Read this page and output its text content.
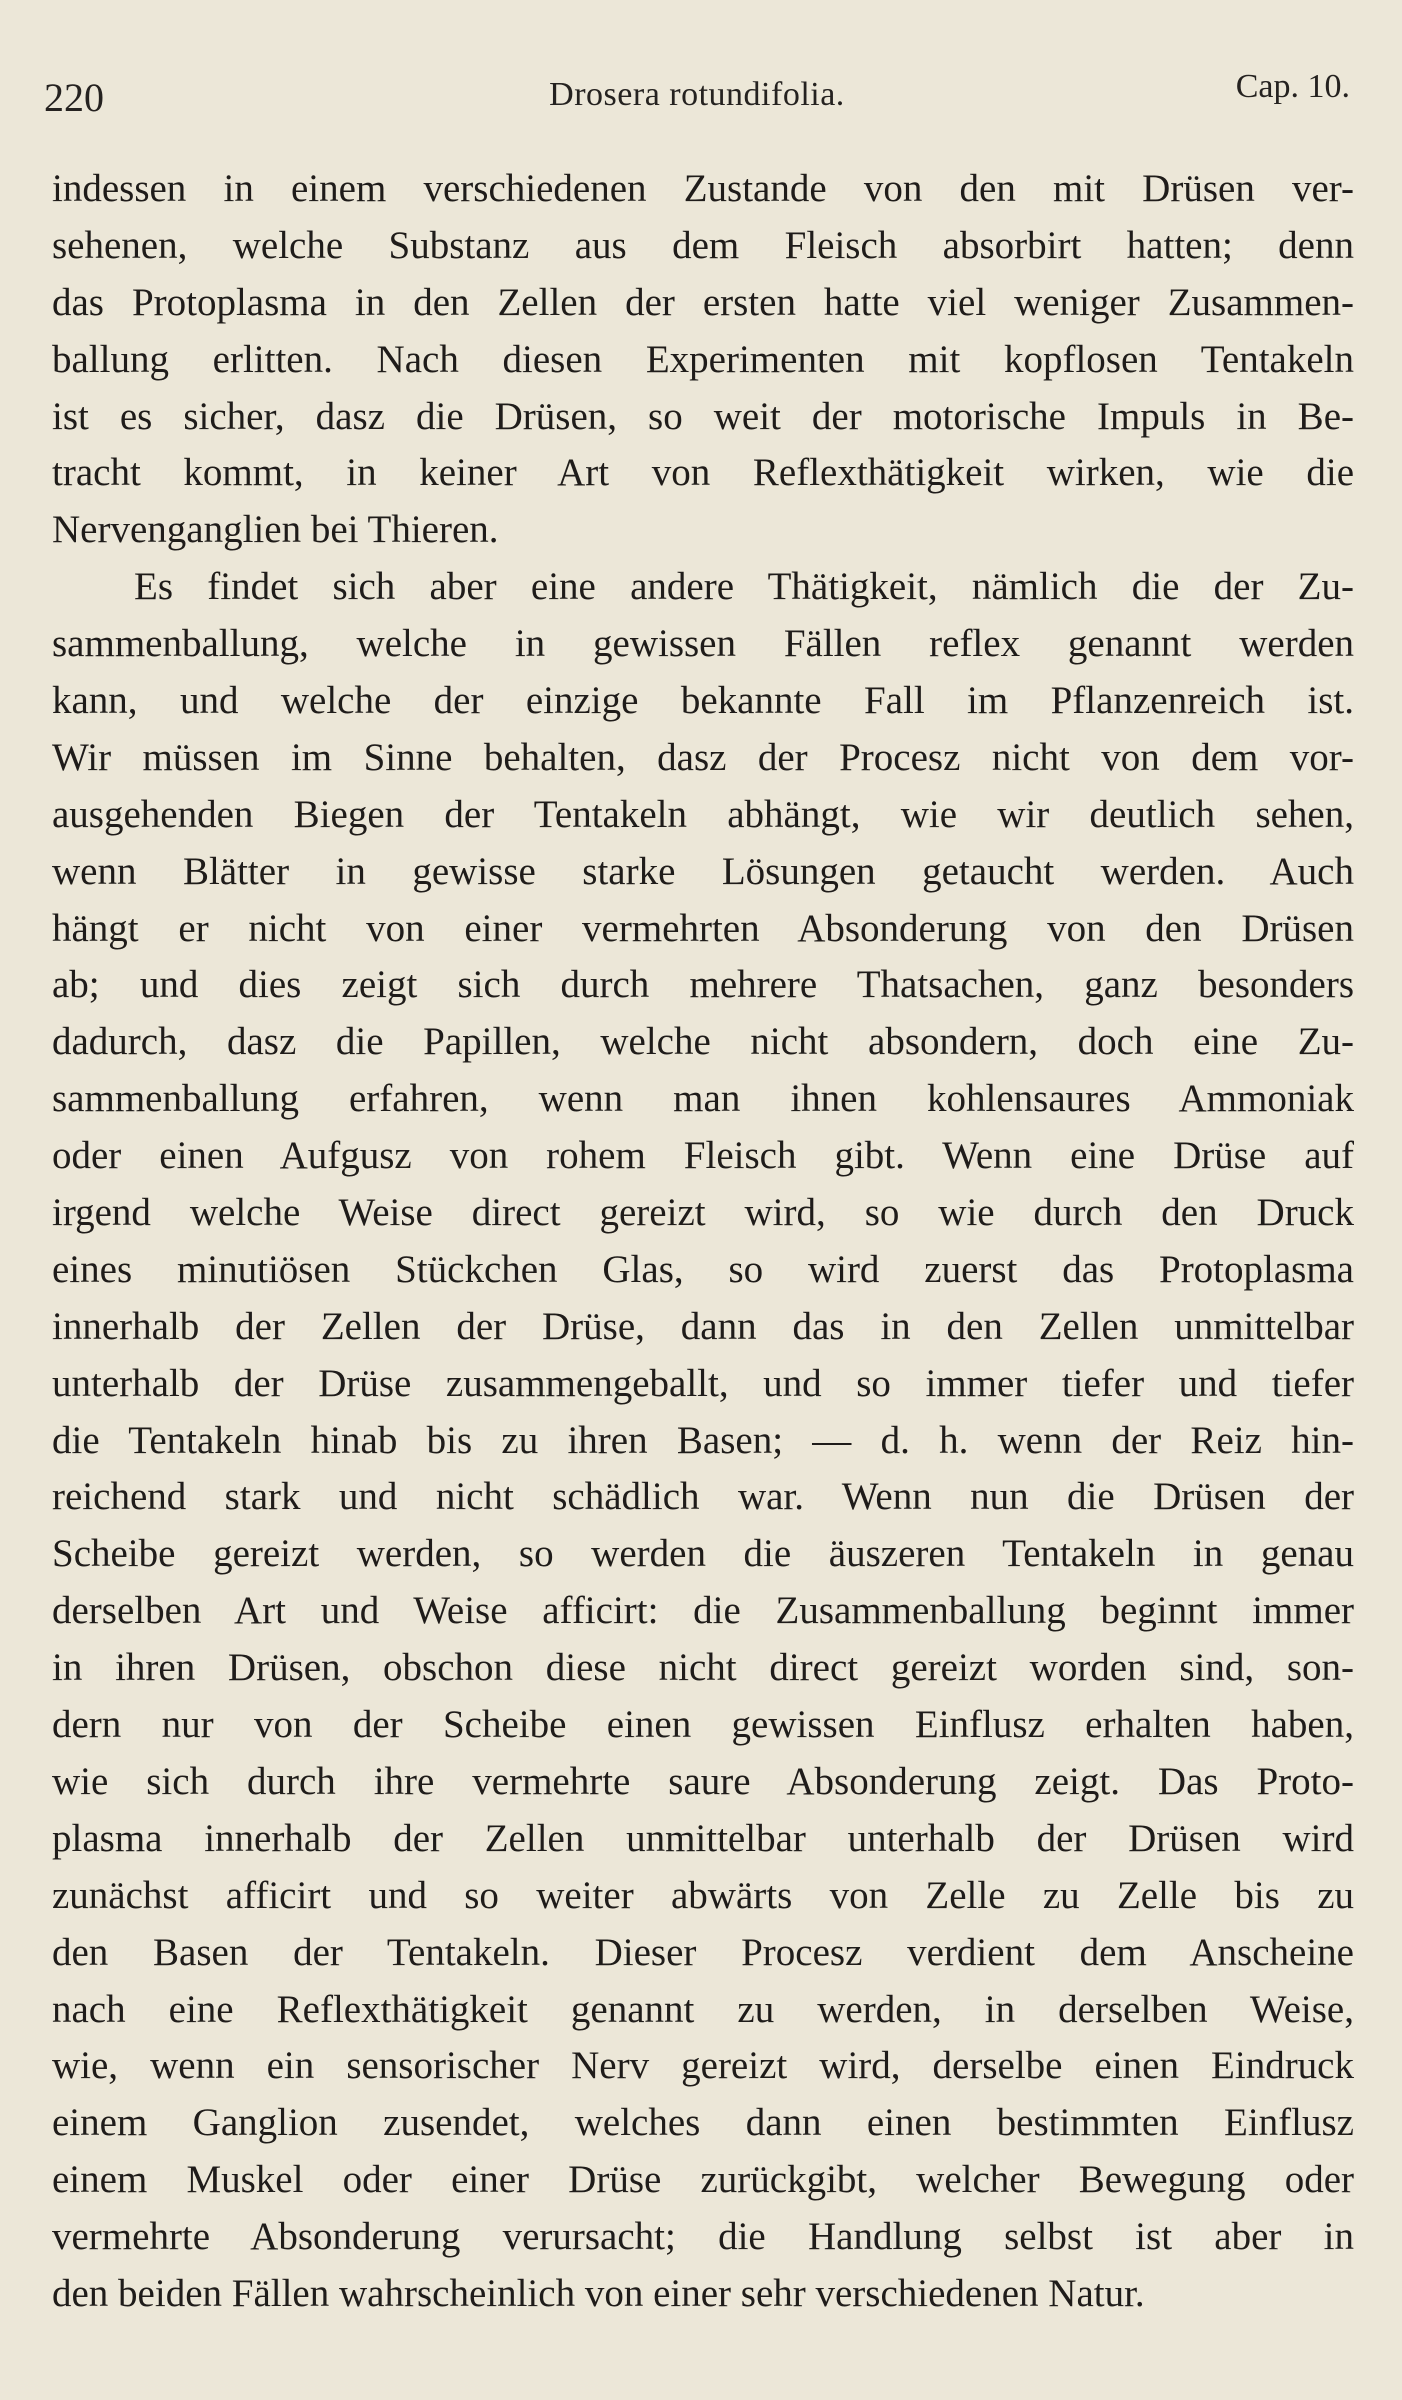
220	Drosera rotundifolia.	Cap. 10.
indessen in einem verschiedenen Zustande von den mit Drüsen ver-
sehenen, welche Substanz aus dem Fleisch absorbirt hatten; denn
das Protoplasma in den Zellen der ersten hatte viel weniger Zusammen-
ballung erlitten. Nach diesen Experimenten mit kopflosen Tentakeln
ist es sicher, dasz die Drüsen, so weit der motorische Impuls in Be-
tracht kommt, in keiner Art von Reflexthätigkeit wirken, wie die
Nervenganglien bei Thieren.
Es findet sich aber eine andere Thätigkeit, nämlich die der Zu-
sammenballung, welche in gewissen Fällen reflex genannt werden
kann, und welche der einzige bekannte Fall im Pflanzenreich ist.
Wir müssen im Sinne behalten, dasz der Procesz nicht von dem vor-
ausgehenden Biegen der Tentakeln abhängt, wie wir deutlich sehen,
wenn Blätter in gewisse starke Lösungen getaucht werden. Auch
hängt er nicht von einer vermehrten Absonderung von den Drüsen
ab; und dies zeigt sich durch mehrere Thatsachen, ganz besonders
dadurch, dasz die Papillen, welche nicht absondern, doch eine Zu-
sammenballung erfahren, wenn man ihnen kohlensaures Ammoniak
oder einen Aufgusz von rohem Fleisch gibt. Wenn eine Drüse auf
irgend welche Weise direct gereizt wird, so wie durch den Druck
eines minutiösen Stückchen Glas, so wird zuerst das Protoplasma
innerhalb der Zellen der Drüse, dann das in den Zellen unmittelbar
unterhalb der Drüse zusammengeballt, und so immer tiefer und tiefer
die Tentakeln hinab bis zu ihren Basen; — d. h. wenn der Reiz hin-
reichend stark und nicht schädlich war. Wenn nun die Drüsen der
Scheibe gereizt werden, so werden die äuszeren Tentakeln in genau
derselben Art und Weise afficirt: die Zusammenballung beginnt immer
in ihren Drüsen, obschon diese nicht direct gereizt worden sind, son-
dern nur von der Scheibe einen gewissen Einflusz erhalten haben,
wie sich durch ihre vermehrte saure Absonderung zeigt. Das Proto-
plasma innerhalb der Zellen unmittelbar unterhalb der Drüsen wird
zunächst afficirt und so weiter abwärts von Zelle zu Zelle bis zu
den Basen der Tentakeln. Dieser Procesz verdient dem Anscheine
nach eine Reflexthätigkeit genannt zu werden, in derselben Weise,
wie, wenn ein sensorischer Nerv gereizt wird, derselbe einen Eindruck
einem Ganglion zusendet, welches dann einen bestimmten Einflusz
einem Muskel oder einer Drüse zurückgibt, welcher Bewegung oder
vermehrte Absonderung verursacht; die Handlung selbst ist aber in
den beiden Fällen wahrscheinlich von einer sehr verschiedenen Natur.
